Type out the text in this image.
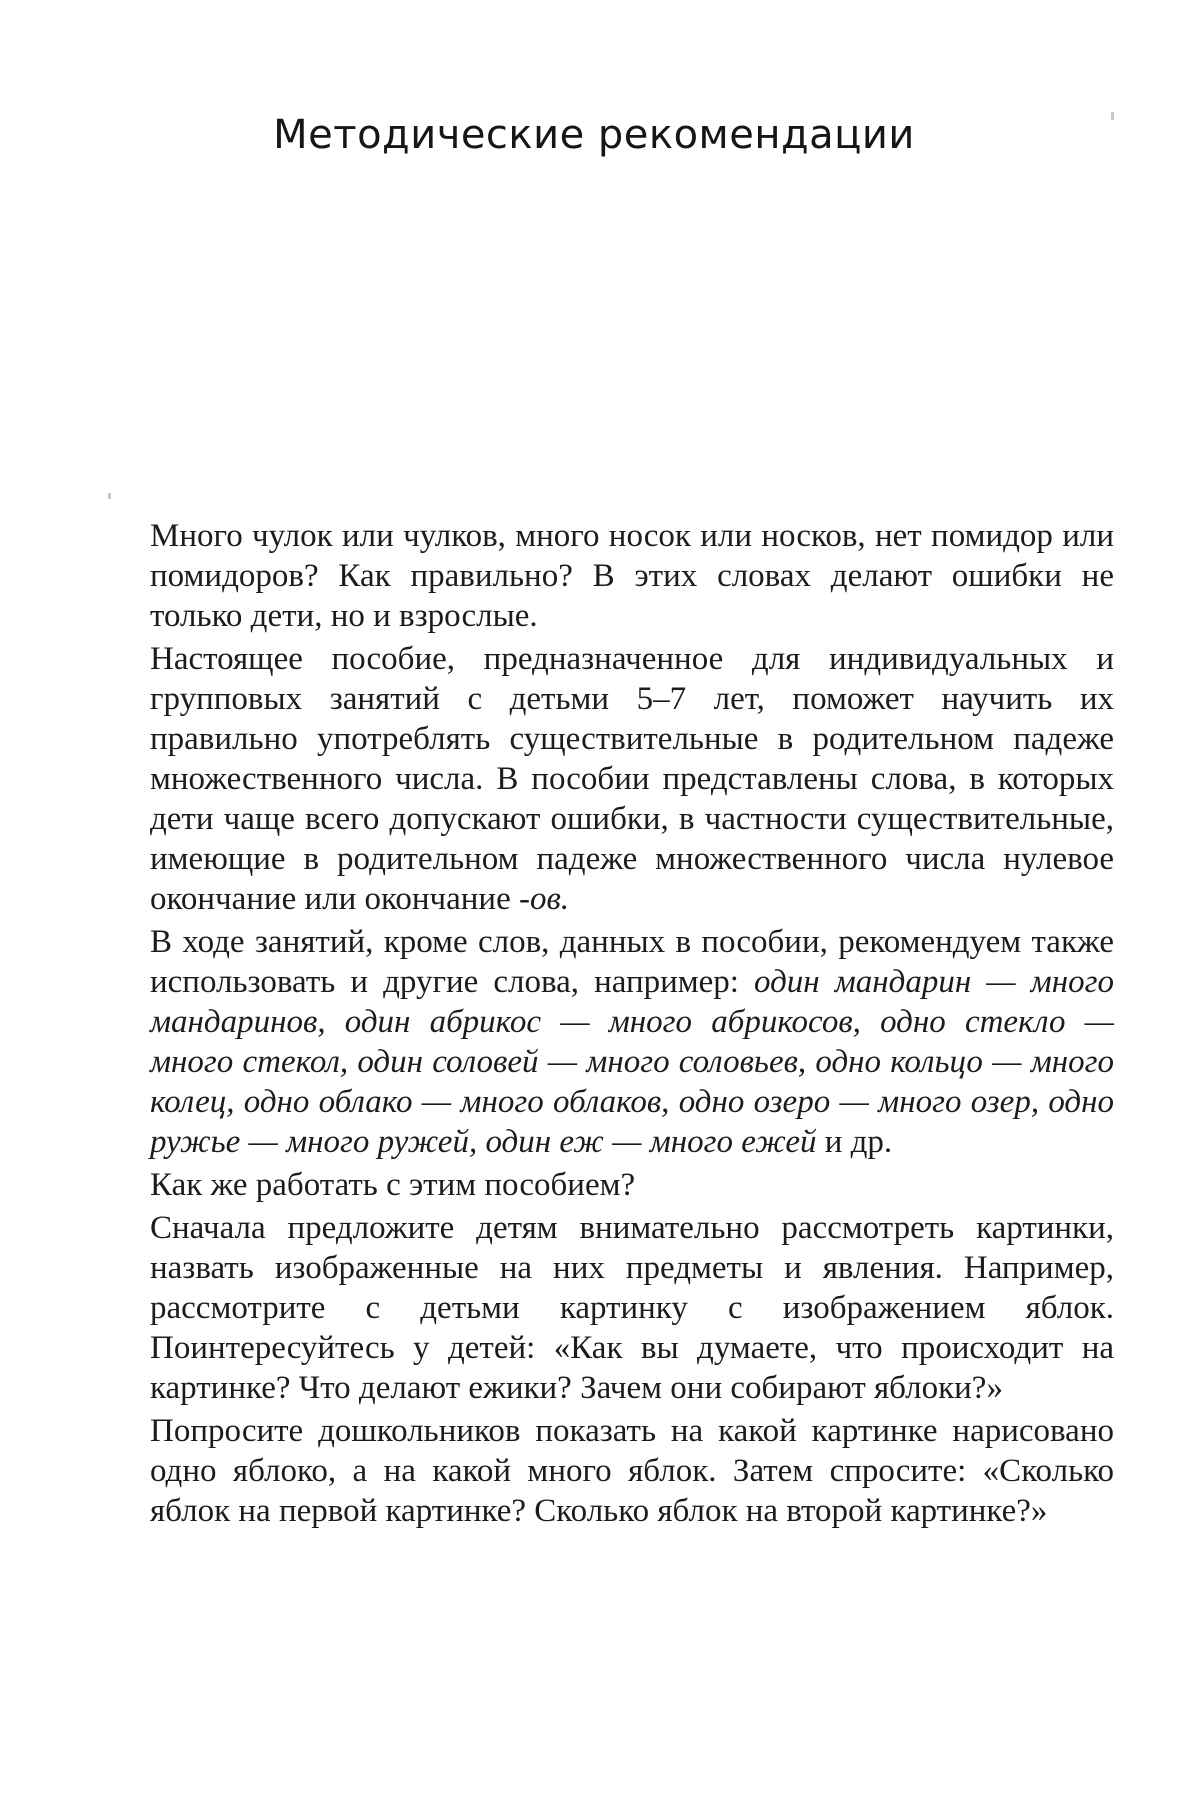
Методические рекомендации

Много чулок или чулков, много носок или носков, нет помидор или помидоров? Как правильно? В этих словах делают ошибки не только дети, но и взрослые.

Настоящее пособие, предназначенное для индивидуальных и групповых занятий с детьми 5–7 лет, поможет научить их правильно употреблять существительные в родительном падеже множественного числа. В пособии представлены слова, в которых дети чаще всего допускают ошибки, в частности существительные, имеющие в родительном падеже множественного числа нулевое окончание или окончание -ов.

В ходе занятий, кроме слов, данных в пособии, рекомендуем также использовать и другие слова, например: один мандарин — много мандаринов, один абрикос — много абрикосов, одно стекло — много стекол, один соловей — много соловьев, одно кольцо — много колец, одно облако — много облаков, одно озеро — много озер, одно ружье — много ружей, один еж — много ежей и др.

Как же работать с этим пособием?

Сначала предложите детям внимательно рассмотреть картинки, назвать изображенные на них предметы и явления. Например, рассмотрите с детьми картинку с изображением яблок. Поинтересуйтесь у детей: «Как вы думаете, что происходит на картинке? Что делают ежики? Зачем они собирают яблоки?»

Попросите дошкольников показать на какой картинке нарисовано одно яблоко, а на какой много яблок. Затем спросите: «Сколько яблок на первой картинке? Сколько яблок на второй картинке?»
